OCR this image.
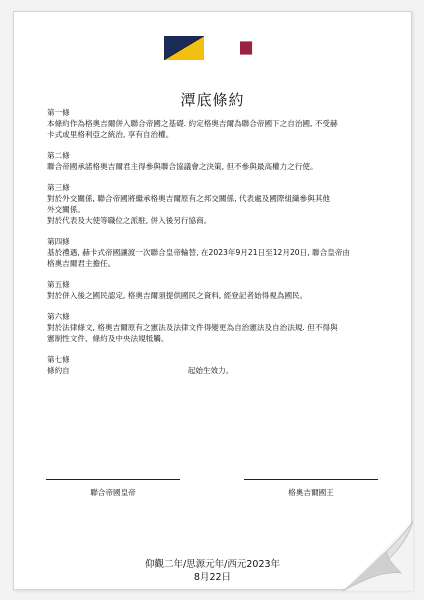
潭底條約
第一條
本條約作為格奧吉爾併入聯合帝國之基礎. 約定格奧吉爾為聯合帝國下之自治國, 不受赫
卡式或里格利亞之統治, 享有自治權。
第二條
聯合帝國承諾格奧吉爾君主得參與聯合協議會之決策, 但不參與最高權力之行使。
第三條
對於外交關係, 聯合帝國將繼承格奧吉爾原有之邦交關係, 代表處及國際組織參與其他
外交關係。
對於代表及大使等職位之派駐, 併入後另行協商。
第四條
基於禮遇, 赫卡式帝國讓渡一次聯合皇帝輪替, 在2023年9月21日至12月20日, 聯合皇帝由
格奧吉爾君主擔任。
第五條
對於併入後之國民認定, 格奧吉爾須提供國民之資料, 經登記者始得視為國民。
第六條
對於法律條文, 格奧吉爾原有之憲法及法律文件得變更為自治憲法及自治法規. 但不得與
憲制性文件、條約及中央法規牴觸。
第七條
條約自	起始生效力。
聯合帝國皇帝	格奧吉爾國王
仰觀二年/思源元年/西元2023年
8月22日
